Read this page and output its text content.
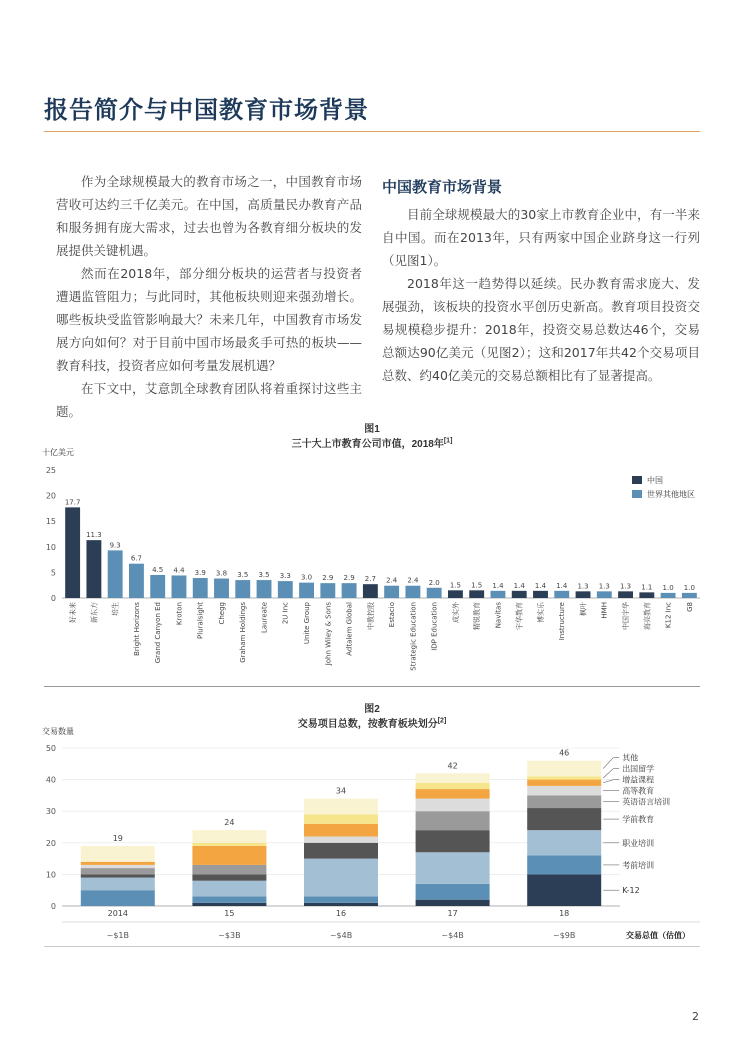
报告简介与中国教育市场背景

作为全球规模最大的教育市场之一，中国教育市场营收可达约三千亿美元。在中国，高质量民办教育产品和服务拥有庞大需求，过去也曾为各教育细分板块的发展提供关键机遇。

然而在2018年，部分细分板块的运营者与投资者遭遇监管阻力；与此同时，其他板块则迎来强劲增长。哪些板块受监管影响最大？未来几年，中国教育市场发展方向如何？对于目前中国市场最炙手可热的板块——教育科技，投资者应如何考量发展机遇？

在下文中，艾意凯全球教育团队将着重探讨这些主题。

中国教育市场背景

目前全球规模最大的30家上市教育企业中，有一半来自中国。而在2013年，只有两家中国企业跻身这一行列（见图1）。

2018年这一趋势得以延续。民办教育需求庞大、发展强劲，该板块的投资水平创历史新高。教育项目投资交易规模稳步提升：2018年，投资交易总数达46个，交易总额达90亿美元（见图2）；这和2017年共42个交易项目总数、约40亿美元的交易总额相比有了显著提高。

图1
三十大上市教育公司市值，2018年[1]
十亿美元
0
5
10
15
20
25
17.7
好未来
11.3
新东方
9.3
培生
6.7
Bright Horizons
4.5
Grand Canyon Ed
4.4
Kroton
3.9
Pluralsight
3.8
Chegg
3.5
Graham Holdings
3.5
Laureate
3.3
2U Inc
3.0
Unite Group
2.9
John Wiley & Sons
2.9
Adtalem Global
2.7
中教控股
2.4
Estacio
2.4
Strategic Education
2.0
IDP Education
1.5
成实外
1.5
精锐教育
1.4
Navitas
1.4
宇华教育
1.4
博实乐
1.4
Instructure
1.3
枫叶
1.3
HMH
1.3
中国宇华
1.1
海亮教育
1.0
K12 Inc
1.0
G8
中国
世界其他地区
图2
交易项目总数，按教育板块划分[2]
交易数量
0
10
20
30
40
50
19
2014
~$1B
24
15
~$3B
34
16
~$4B
42
17
~$4B
46
18
~$9B	交易总值（估值）
K-12
考前培训
职业培训
学前教育
英语语言培训
高等教育
增益课程
出国留学
其他
2
